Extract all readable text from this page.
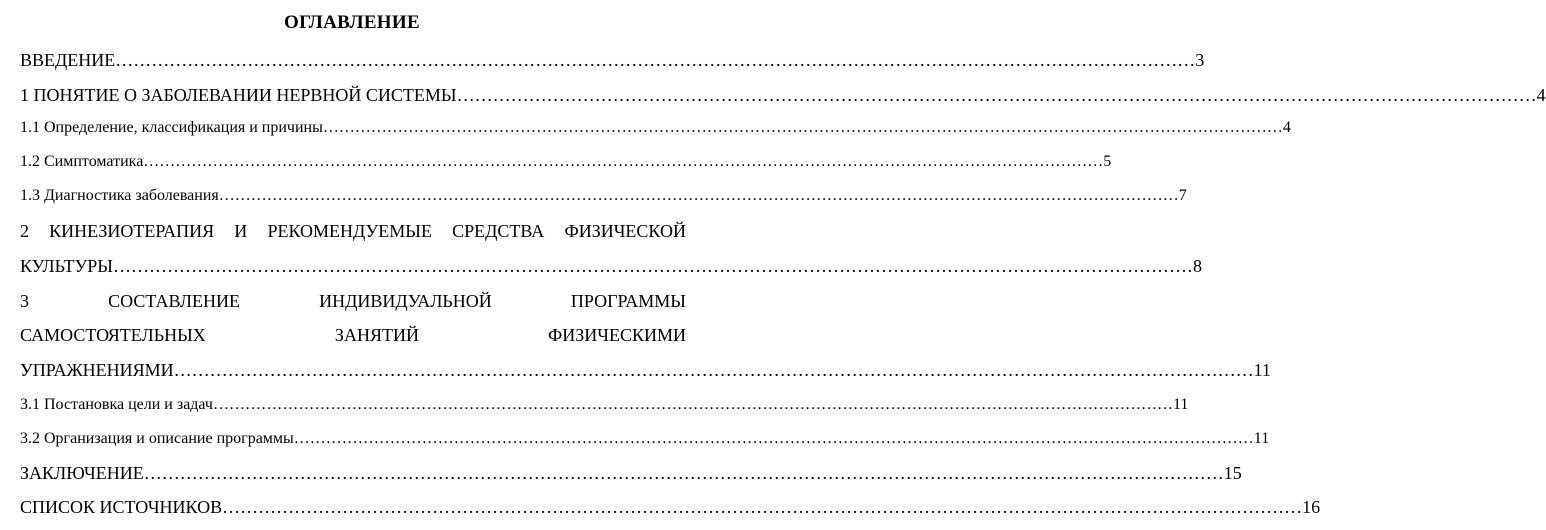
ОГЛАВЛЕНИЕ
ВВЕДЕНИЕ ……………………………………………………………………………………………………………………………………………………………… 3
1 ПОНЯТИЕ О ЗАБОЛЕВАНИИ НЕРВНОЙ СИСТЕМЫ ……………………………………………………………………………………………………………………………………………………………… 4
1.1 Определение, классификация и причины ……………………………………………………………………………………………………………………………………………………………… 4
1.2 Симптоматика ……………………………………………………………………………………………………………………………………………………………… 5
1.3 Диагностика заболевания ……………………………………………………………………………………………………………………………………………………………… 7
2 КИНЕЗИОТЕРАПИЯ И РЕКОМЕНДУЕМЫЕ СРЕДСТВА ФИЗИЧЕСКОЙ
КУЛЬТУРЫ ……………………………………………………………………………………………………………………………………………………………… 8
3	СОСТАВЛЕНИЕ	ИНДИВИДУАЛЬНОЙ	ПРОГРАММЫ
САМОСТОЯТЕЛЬНЫХ	ЗАНЯТИЙ	ФИЗИЧЕСКИМИ
УПРАЖНЕНИЯМИ ……………………………………………………………………………………………………………………………………………………………… 11
3.1 Постановка цели и задач ……………………………………………………………………………………………………………………………………………………………… 11
3.2 Организация и описание программы ……………………………………………………………………………………………………………………………………………………………… 11
ЗАКЛЮЧЕНИЕ ……………………………………………………………………………………………………………………………………………………………… 15
СПИСОК ИСТОЧНИКОВ ……………………………………………………………………………………………………………………………………………………………… 16
